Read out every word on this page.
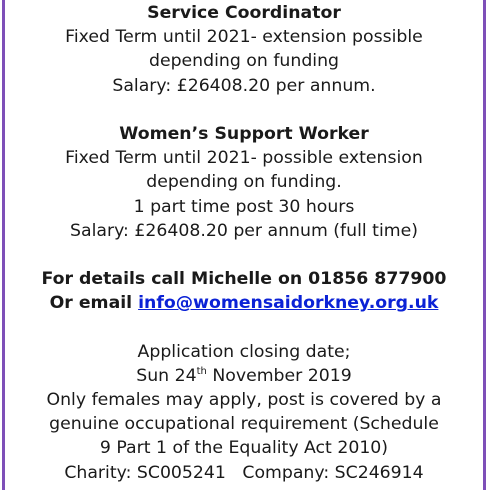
Service Coordinator
Fixed Term until 2021- extension possible
depending on funding
Salary: £26408.20 per annum.
Women’s Support Worker
Fixed Term until 2021- possible extension
depending on funding.
1 part time post 30 hours
Salary: £26408.20 per annum (full time)
For details call Michelle on 01856 877900
Or email info@womensaidorkney.org.uk
Application closing date;
Sun 24th November 2019
Only females may apply, post is covered by a
genuine occupational requirement (Schedule
9 Part 1 of the Equality Act 2010)
Charity: SC005241   Company: SC246914
